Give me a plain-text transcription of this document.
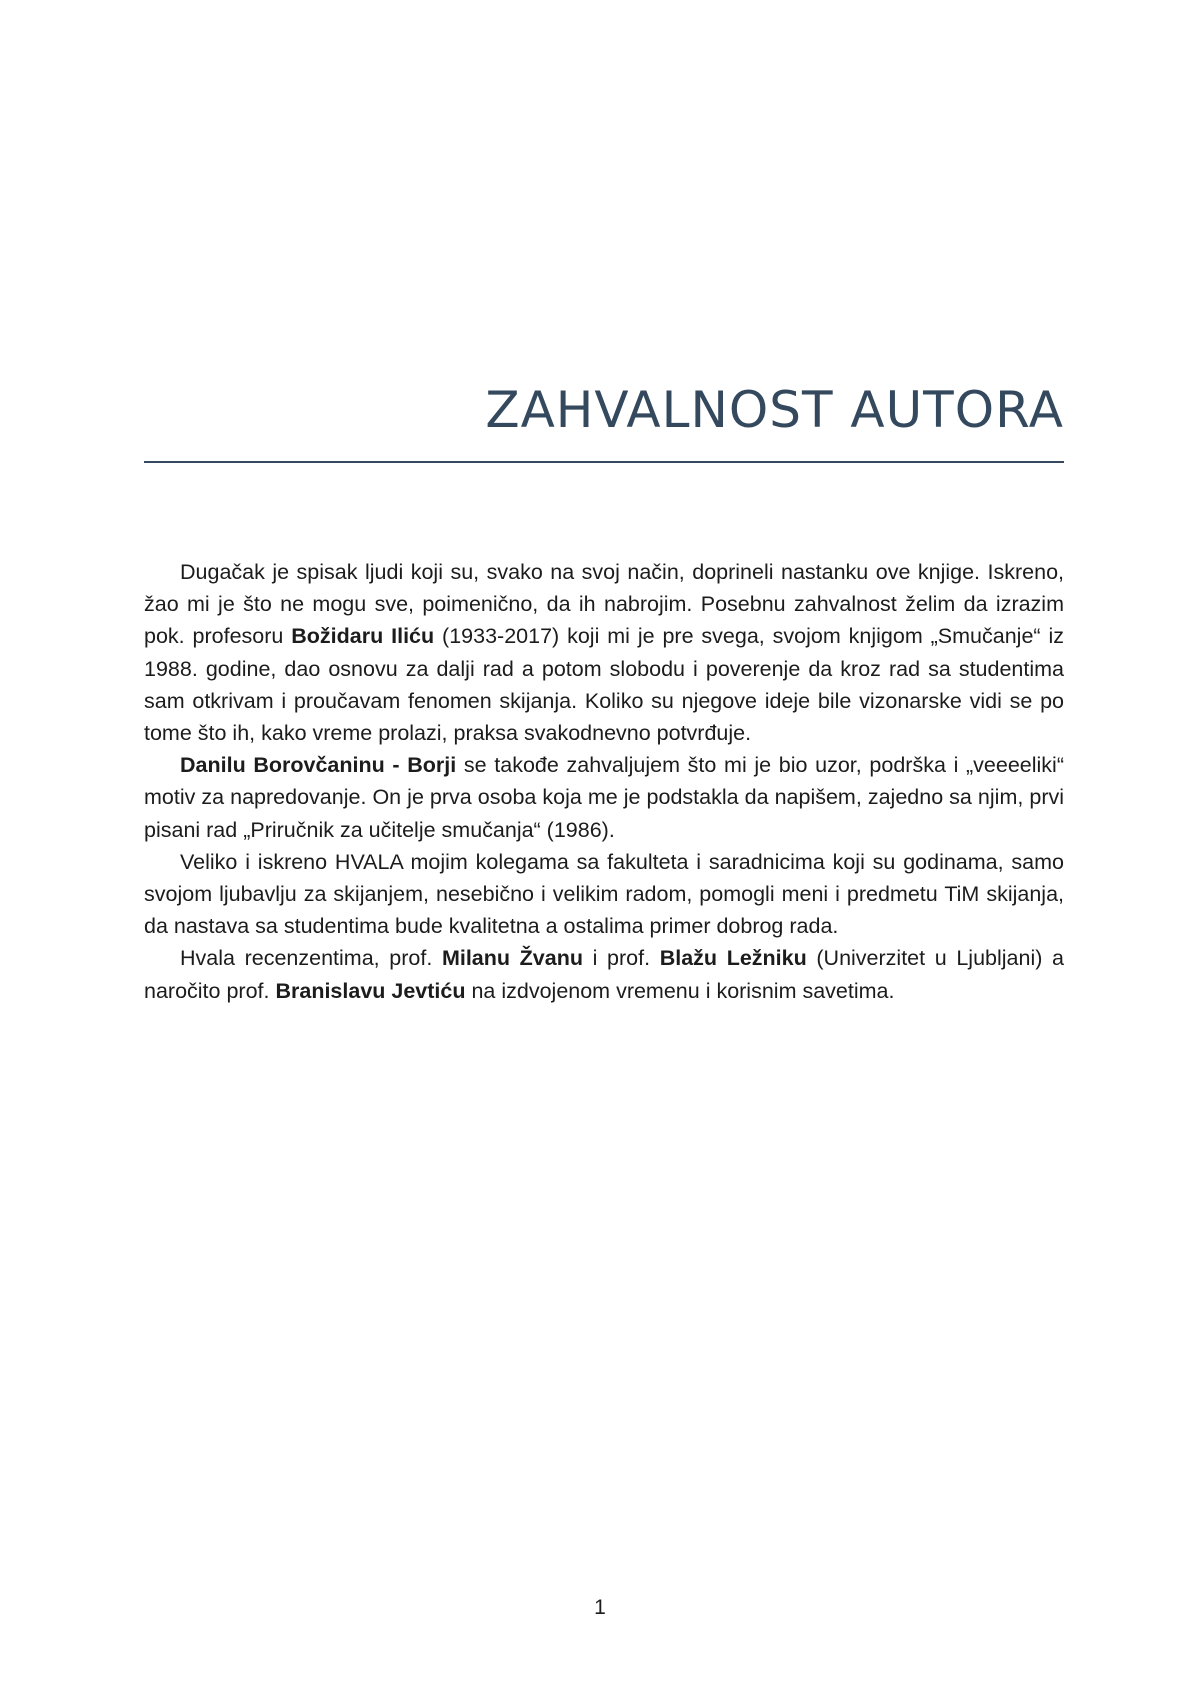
ZAHVALNOST AUTORA

Dugačak je spisak ljudi koji su, svako na svoj način, doprineli nastanku ove knjige. Iskreno, žao mi je što ne mogu sve, poimenično, da ih nabrojim. Posebnu zahvalnost želim da izrazim pok. profesoru Božidaru Iliću (1933-2017) koji mi je pre svega, svojom knjigom „Smučanje“ iz 1988. godine, dao osnovu za dalji rad a potom slobodu i poverenje da kroz rad sa studentima sam otkrivam i proučavam fenomen skijanja. Koliko su njegove ideje bile vizonarske vidi se po tome što ih, kako vreme prolazi, praksa svakodnevno potvrđuje.

Danilu Borovčaninu - Borji se takođe zahvaljujem što mi je bio uzor, podrška i „veeeeliki“ motiv za napredovanje. On je prva osoba koja me je podstakla da napišem, zajedno sa njim, prvi pisani rad „Priručnik za učitelje smučanja“ (1986).

Veliko i iskreno HVALA mojim kolegama sa fakulteta i saradnicima koji su godinama, samo svojom ljubavlju za skijanjem, nesebično i velikim radom, pomogli meni i predmetu TiM skijanja, da nastava sa studentima bude kvalitetna a ostalima primer dobrog rada.

Hvala recenzentima, prof. Milanu Žvanu i prof. Blažu Ležniku (Univerzitet u Ljubljani) a naročito prof. Branislavu Jevtiću na izdvojenom vremenu i korisnim savetima.

1
